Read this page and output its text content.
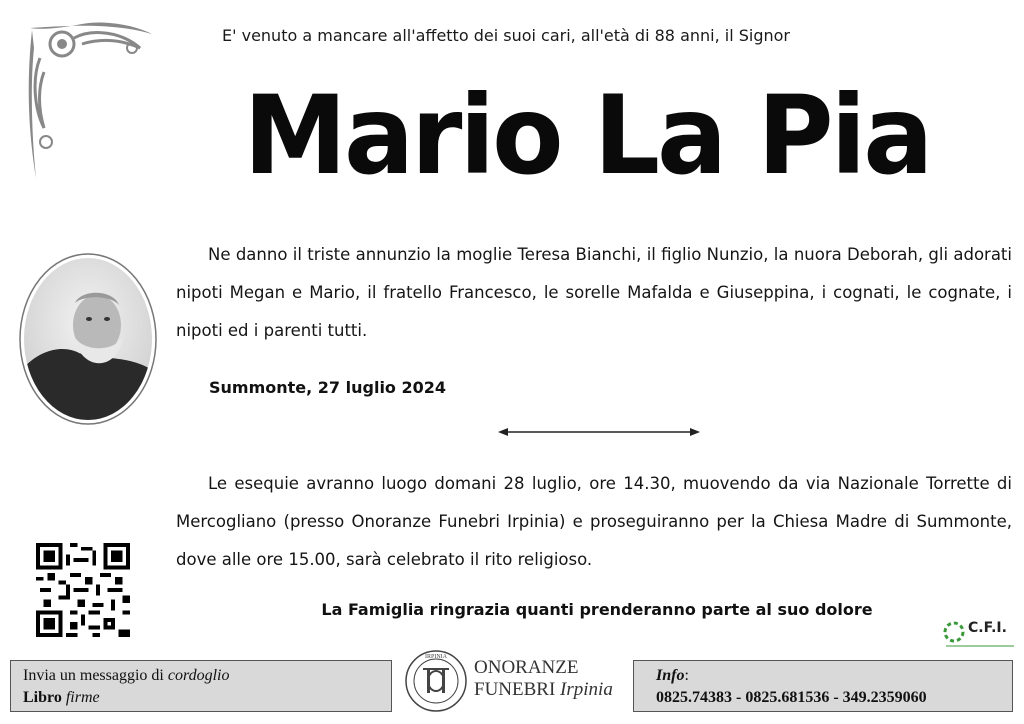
E' venuto a mancare all'affetto dei suoi cari, all'età di 88 anni, il Signor
Mario La Pia
Ne danno il triste annunzio la moglie Teresa Bianchi, il figlio Nunzio, la nuora Deborah, gli adorati nipoti Megan e Mario, il fratello Francesco, le sorelle Mafalda e Giuseppina, i cognati, le cognate, i nipoti ed i parenti tutti.
Summonte, 27 luglio 2024
Le esequie avranno luogo domani 28 luglio, ore 14.30, muovendo da via Nazionale Torrette di Mercogliano (presso Onoranze Funebri Irpinia) e proseguiranno per la Chiesa Madre di Summonte, dove alle ore 15.00, sarà celebrato il rito religioso.
La Famiglia ringrazia quanti prenderanno parte al suo dolore
C.F.I.
Invia un messaggio di cordoglio
Libro firme
IRPINIA ONORANZE
FUNEBRI Irpinia
Info:
0825.74383 - 0825.681536 - 349.2359060
